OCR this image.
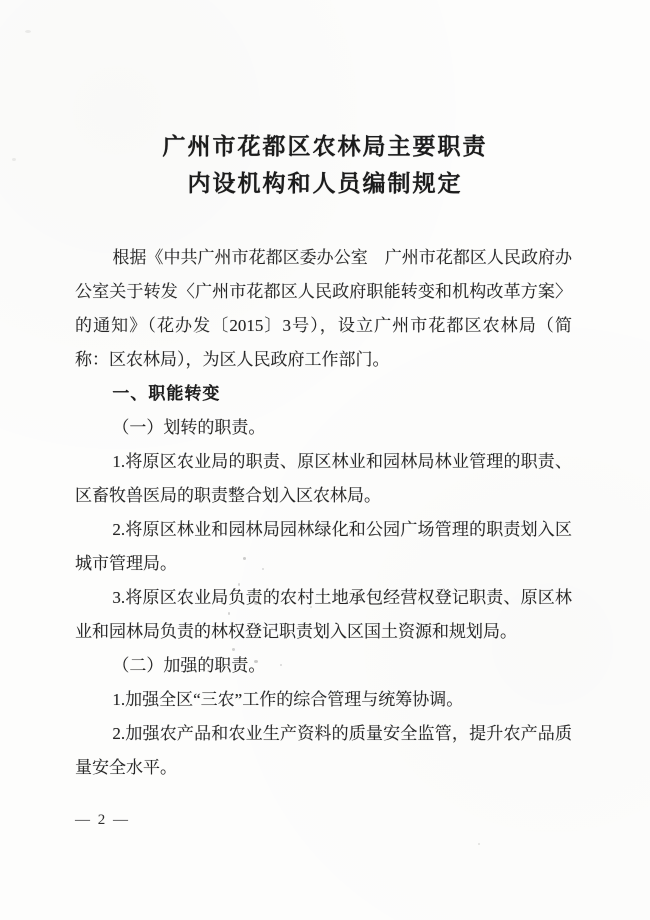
广州市花都区农林局主要职责
内设机构和人员编制规定

根据《中共广州市花都区委办公室　广州市花都区人民政府办公室关于转发〈广州市花都区人民政府职能转变和机构改革方案〉的通知》（花办发〔2015〕3号），设立广州市花都区农林局（简称：区农林局），为区人民政府工作部门。

一、职能转变

（一）划转的职责。

1.将原区农业局的职责、原区林业和园林局林业管理的职责、区畜牧兽医局的职责整合划入区农林局。

2.将原区林业和园林局园林绿化和公园广场管理的职责划入区城市管理局。

3.将原区农业局负责的农村土地承包经营权登记职责、原区林业和园林局负责的林权登记职责划入区国土资源和规划局。

（二）加强的职责。

1.加强全区“三农”工作的综合管理与统筹协调。

2.加强农产品和农业生产资料的质量安全监管，提升农产品质量安全水平。

— 2 —
